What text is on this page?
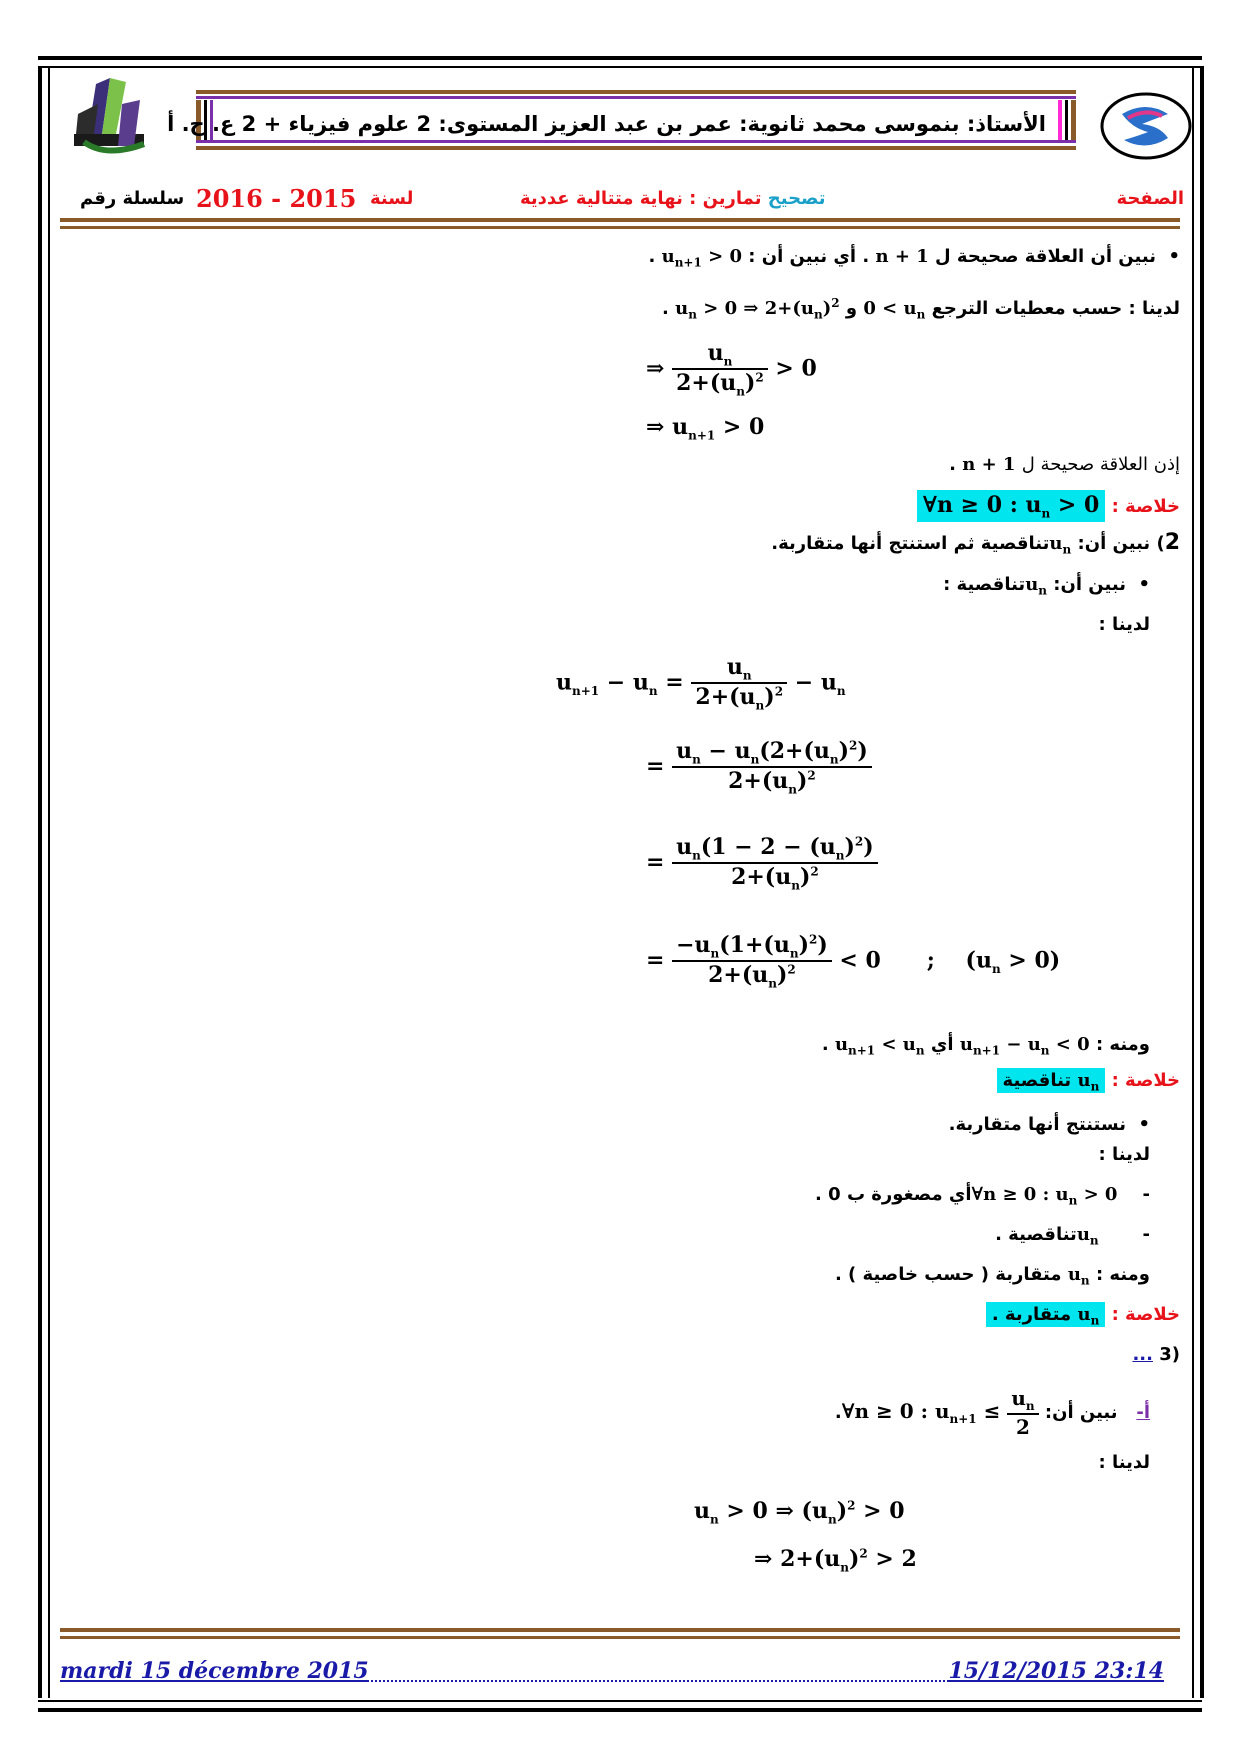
الأستاذ: بنموسى محمد ثانوية: عمر بن عبد العزيز المستوى: 2 علوم فيزياء + 2 ع. ح. أ
الصفحة
تصحيح تمارين : نهاية متتالية عددية
لسنة
2016 - 2015
سلسلة رقم
•  نبين أن العلاقة صحيحة ل n + 1 . أي نبين أن : $u_{n+1} > 0$ .
لدينا : حسب معطيات الترجع $0 < u_n$ و $u_n > 0$ ⇒ $2+(u_n)^2$ .
⇒ $\frac{u_n}{2+(u_n)^2} > 0$
⇒ $u_{n+1} > 0$
إذن العلاقة صحيحة ل n + 1 .
خلاصة : ∀n ≥ 0 : $u_n > 0$
2) نبين أن: $u_nتناقصية$ ثم استنتج أنها متقاربة.
•  نبين أن: $u_nتناقصية$ :
لدينا :
$u_{n+1} - u_n = \frac{u_n}{2+(u_n)^2} - u_n$
= $\frac{u_n - u_n(2+(u_n)^2)}{2+(u_n)^2}$
= $\frac{u_n(1 - 2 - (u_n)^2)}{2+(u_n)^2}$
= $\frac{-u_n(1+(u_n)^2)}{2+(u_n)^2} < 0$      ;    $(u_n > 0)$
ومنه : $u_{n+1} - u_n < 0$ أي $u_{n+1} < u_n$ .
خلاصة : $u_n$ تناقصية
•  نستنتج أنها متقاربة.
لدينا :
-    ∀n ≥ 0 : $u_n$ > 0أي مصغورة ب 0 .
-       $u_nتناقصية$ .
ومنه : $u_n$ متقاربة ( حسب خاصية ) .
خلاصة : $u_n$ متقاربة .
(3 ...
أ-   نبين أن: ∀n ≥ 0 : $u_{n+1} \le \frac{u_n}{2}$
.
لدينا :
$u_n > 0$ ⇒ $(u_n)^2 > 0$
⇒ $2+(u_n)^2 > 2$
mardi 15 décembre 2015	15/12/2015 23:14
